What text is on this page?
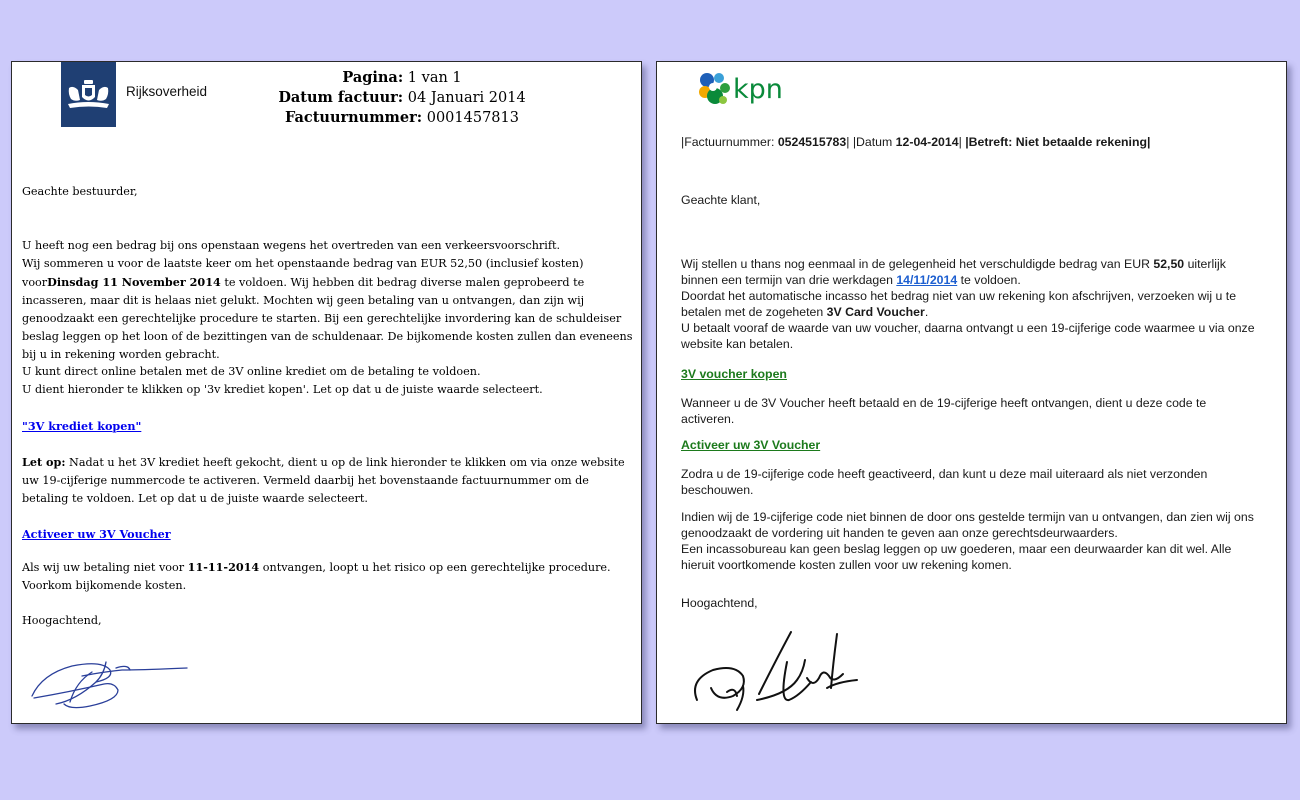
Rijksoverheid
Pagina: 1 van 1
Datum factuur: 04 Januari 2014
Factuurnummer: 0001457813
Geachte bestuurder,

U heeft nog een bedrag bij ons openstaan wegens het overtreden van een verkeersvoorschrift.

Wij sommeren u voor de laatste keer om het openstaande bedrag van EUR 52,50 (inclusief kosten) voorDinsdag 11 November 2014 te voldoen. Wij hebben dit bedrag diverse malen geprobeerd te incasseren, maar dit is helaas niet gelukt. Mochten wij geen betaling van u ontvangen, dan zijn wij genoodzaakt een gerechtelijke procedure te starten. Bij een gerechtelijke invordering kan de schuldeiser beslag leggen op het loon of de bezittingen van de schuldenaar. De bijkomende kosten zullen dan eveneens bij u in rekening worden gebracht.

U kunt direct online betalen met de 3V online krediet om de betaling te voldoen.

U dient hieronder te klikken op '3v krediet kopen'. Let op dat u de juiste waarde selecteert.

"3V krediet kopen"

Let op: Nadat u het 3V krediet heeft gekocht, dient u op de link hieronder te klikken om via onze website uw 19-cijferige nummercode te activeren. Vermeld daarbij het bovenstaande factuurnummer om de betaling te voldoen. Let op dat u de juiste waarde selecteert.

Activeer uw 3V Voucher

Als wij uw betaling niet voor 11-11-2014 ontvangen, loopt u het risico op een gerechtelijke procedure.

Voorkom bijkomende kosten.

Hoogachtend,
kpn
|Factuurnummer: 0524515783| |Datum 12-04-2014| |Betreft: Niet betaalde rekening|
Geachte klant,

Wij stellen u thans nog eenmaal in de gelegenheid het verschuldigde bedrag van EUR 52,50 uiterlijk binnen een termijn van drie werkdagen 14/11/2014 te voldoen.

Doordat het automatische incasso het bedrag niet van uw rekening kon afschrijven, verzoeken wij u te betalen met de zogeheten 3V Card Voucher.

U betaalt vooraf de waarde van uw voucher, daarna ontvangt u een 19-cijferige code waarmee u via onze website kan betalen.

3V voucher kopen
Wanneer u de 3V Voucher heeft betaald en de 19-cijferige heeft ontvangen, dient u deze code te activeren.
Activeer uw 3V Voucher
Zodra u de 19-cijferige code heeft geactiveerd, dan kunt u deze mail uiteraard als niet verzonden beschouwen.

Indien wij de 19-cijferige code niet binnen de door ons gestelde termijn van u ontvangen, dan zien wij ons genoodzaakt de vordering uit handen te geven aan onze gerechtsdeurwaarders.

Een incassobureau kan geen beslag leggen op uw goederen, maar een deurwaarder kan dit wel. Alle hieruit voortkomende kosten zullen voor uw rekening komen.

Hoogachtend,
